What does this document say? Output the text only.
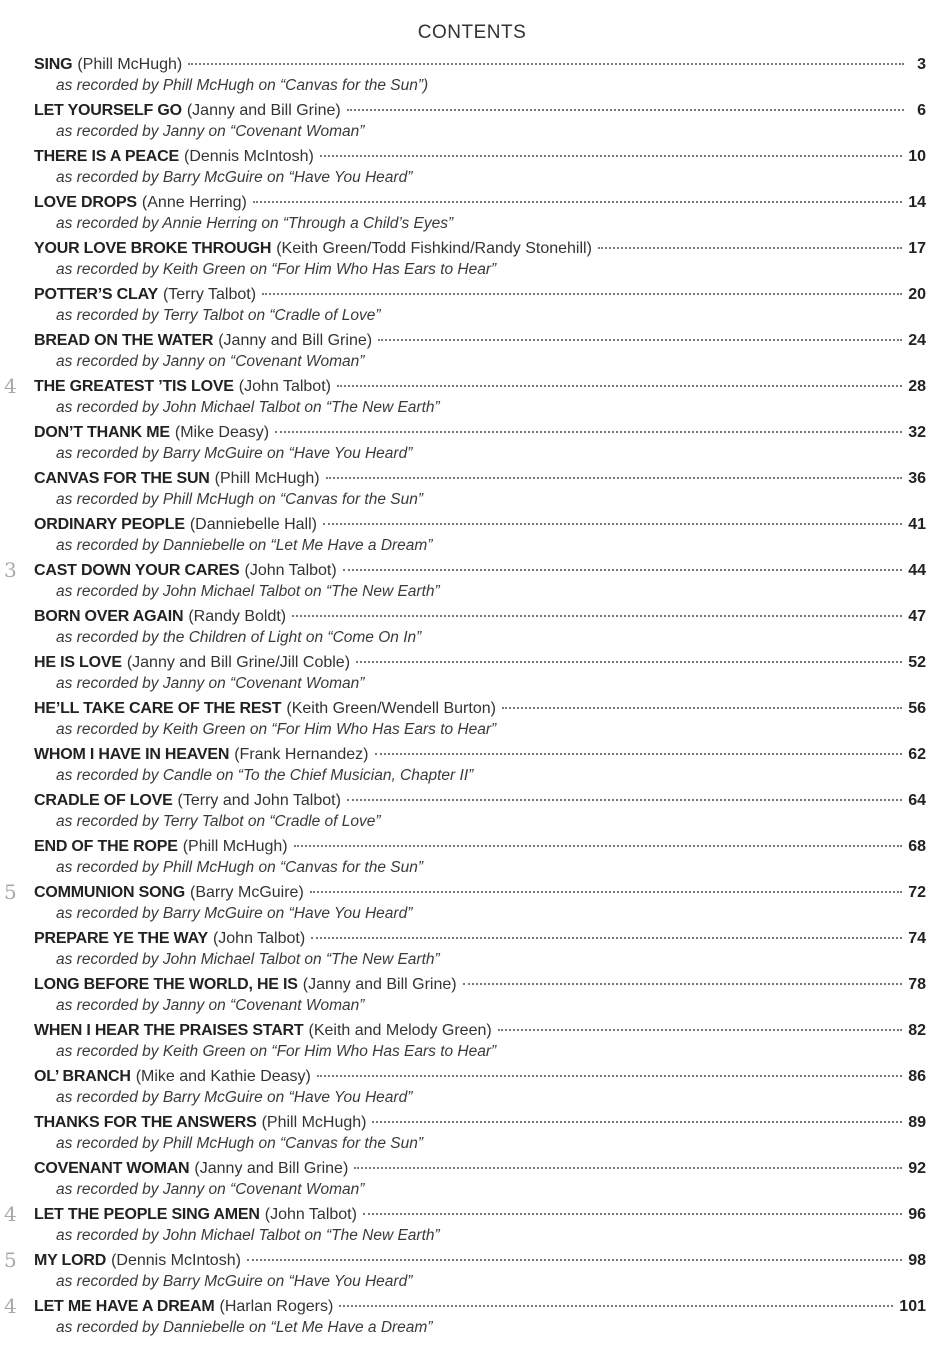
CONTENTS
SING (Phill McHugh)	3
as recorded by Phill McHugh on “Canvas for the Sun”)
LET YOURSELF GO (Janny and Bill Grine)	6
as recorded by Janny on “Covenant Woman”
THERE IS A PEACE (Dennis McIntosh)	10
as recorded by Barry McGuire on “Have You Heard”
LOVE DROPS (Anne Herring)	14
as recorded by Annie Herring on “Through a Child’s Eyes”
YOUR LOVE BROKE THROUGH (Keith Green/Todd Fishkind/Randy Stonehill)	17
as recorded by Keith Green on “For Him Who Has Ears to Hear”
POTTER’S CLAY (Terry Talbot)	20
as recorded by Terry Talbot on “Cradle of Love”
BREAD ON THE WATER (Janny and Bill Grine)	24
as recorded by Janny on “Covenant Woman”
THE GREATEST ’TIS LOVE (John Talbot)	28
as recorded by John Michael Talbot on “The New Earth”
DON’T THANK ME (Mike Deasy)	32
as recorded by Barry McGuire on “Have You Heard”
CANVAS FOR THE SUN (Phill McHugh)	36
as recorded by Phill McHugh on “Canvas for the Sun”
ORDINARY PEOPLE (Danniebelle Hall)	41
as recorded by Danniebelle on “Let Me Have a Dream”
CAST DOWN YOUR CARES (John Talbot)	44
as recorded by John Michael Talbot on “The New Earth”
BORN OVER AGAIN (Randy Boldt)	47
as recorded by the Children of Light on “Come On In”
HE IS LOVE (Janny and Bill Grine/Jill Coble)	52
as recorded by Janny on “Covenant Woman”
HE’LL TAKE CARE OF THE REST (Keith Green/Wendell Burton)	56
as recorded by Keith Green on “For Him Who Has Ears to Hear”
WHOM I HAVE IN HEAVEN (Frank Hernandez)	62
as recorded by Candle on “To the Chief Musician, Chapter II”
CRADLE OF LOVE (Terry and John Talbot)	64
as recorded by Terry Talbot on “Cradle of Love”
END OF THE ROPE (Phill McHugh)	68
as recorded by Phill McHugh on “Canvas for the Sun”
COMMUNION SONG (Barry McGuire)	72
as recorded by Barry McGuire on “Have You Heard”
PREPARE YE THE WAY (John Talbot)	74
as recorded by John Michael Talbot on “The New Earth”
LONG BEFORE THE WORLD, HE IS (Janny and Bill Grine)	78
as recorded by Janny on “Covenant Woman”
WHEN I HEAR THE PRAISES START (Keith and Melody Green)	82
as recorded by Keith Green on “For Him Who Has Ears to Hear”
OL’ BRANCH (Mike and Kathie Deasy)	86
as recorded by Barry McGuire on “Have You Heard”
THANKS FOR THE ANSWERS (Phill McHugh)	89
as recorded by Phill McHugh on “Canvas for the Sun”
COVENANT WOMAN (Janny and Bill Grine)	92
as recorded by Janny on “Covenant Woman”
LET THE PEOPLE SING AMEN (John Talbot)	96
as recorded by John Michael Talbot on “The New Earth”
MY LORD (Dennis McIntosh)	98
as recorded by Barry McGuire on “Have You Heard”
LET ME HAVE A DREAM (Harlan Rogers)	101
as recorded by Danniebelle on “Let Me Have a Dream”
4
3
5
4
5
4
